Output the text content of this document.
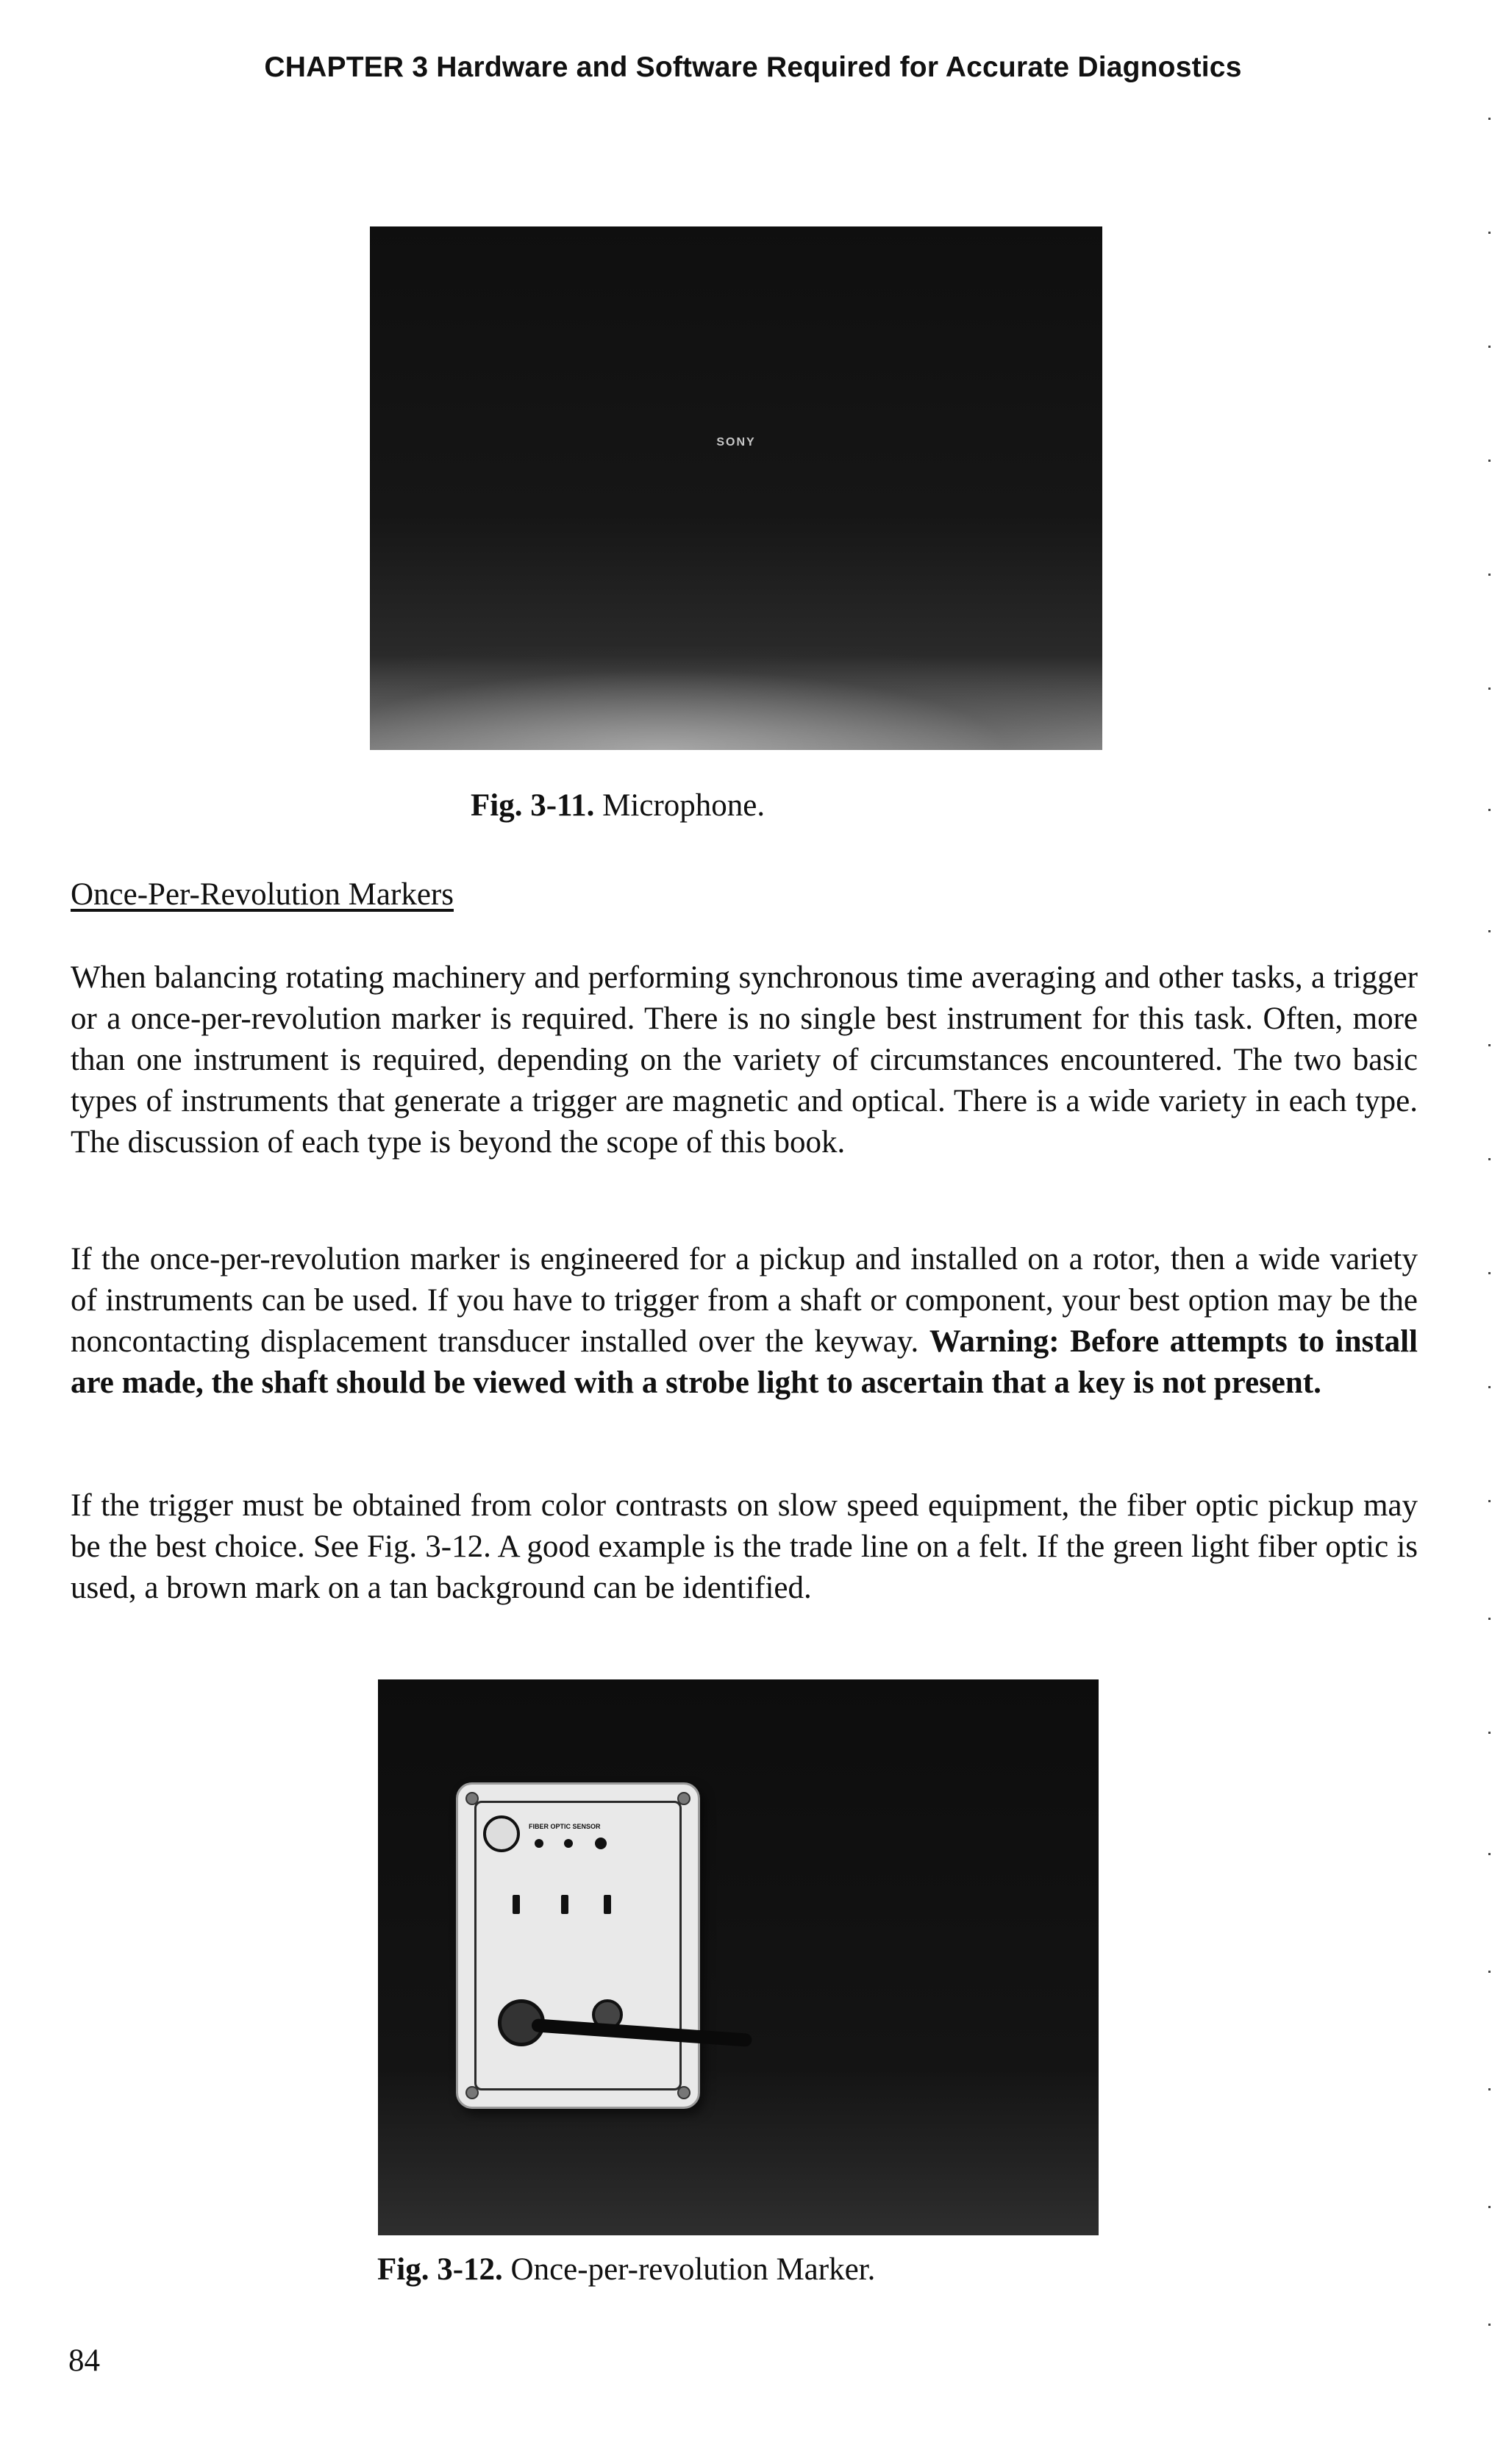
CHAPTER 3 Hardware and Software Required for Accurate Diagnostics
SONY
Fig. 3-11. Microphone.
Once-Per-Revolution Markers

When balancing rotating machinery and performing synchronous time averaging and other tasks, a trigger or a once-per-revolution marker is required. There is no single best instrument for this task. Often, more than one instrument is required, depending on the variety of circumstances encountered. The two basic types of instruments that generate a trigger are magnetic and optical. There is a wide variety in each type. The discussion of each type is beyond the scope of this book.

If the once-per-revolution marker is engineered for a pickup and installed on a rotor, then a wide variety of instruments can be used. If you have to trigger from a shaft or component, your best option may be the noncontacting displacement transducer installed over the keyway. Warning: Before attempts to install are made, the shaft should be viewed with a strobe light to ascertain that a key is not present.

If the trigger must be obtained from color contrasts on slow speed equipment, the fiber optic pickup may be the best choice. See Fig. 3-12. A good example is the trade line on a felt. If the green light fiber optic is used, a brown mark on a tan background can be identified.

FIBER OPTIC SENSOR
Fig. 3-12. Once-per-revolution Marker.
84
